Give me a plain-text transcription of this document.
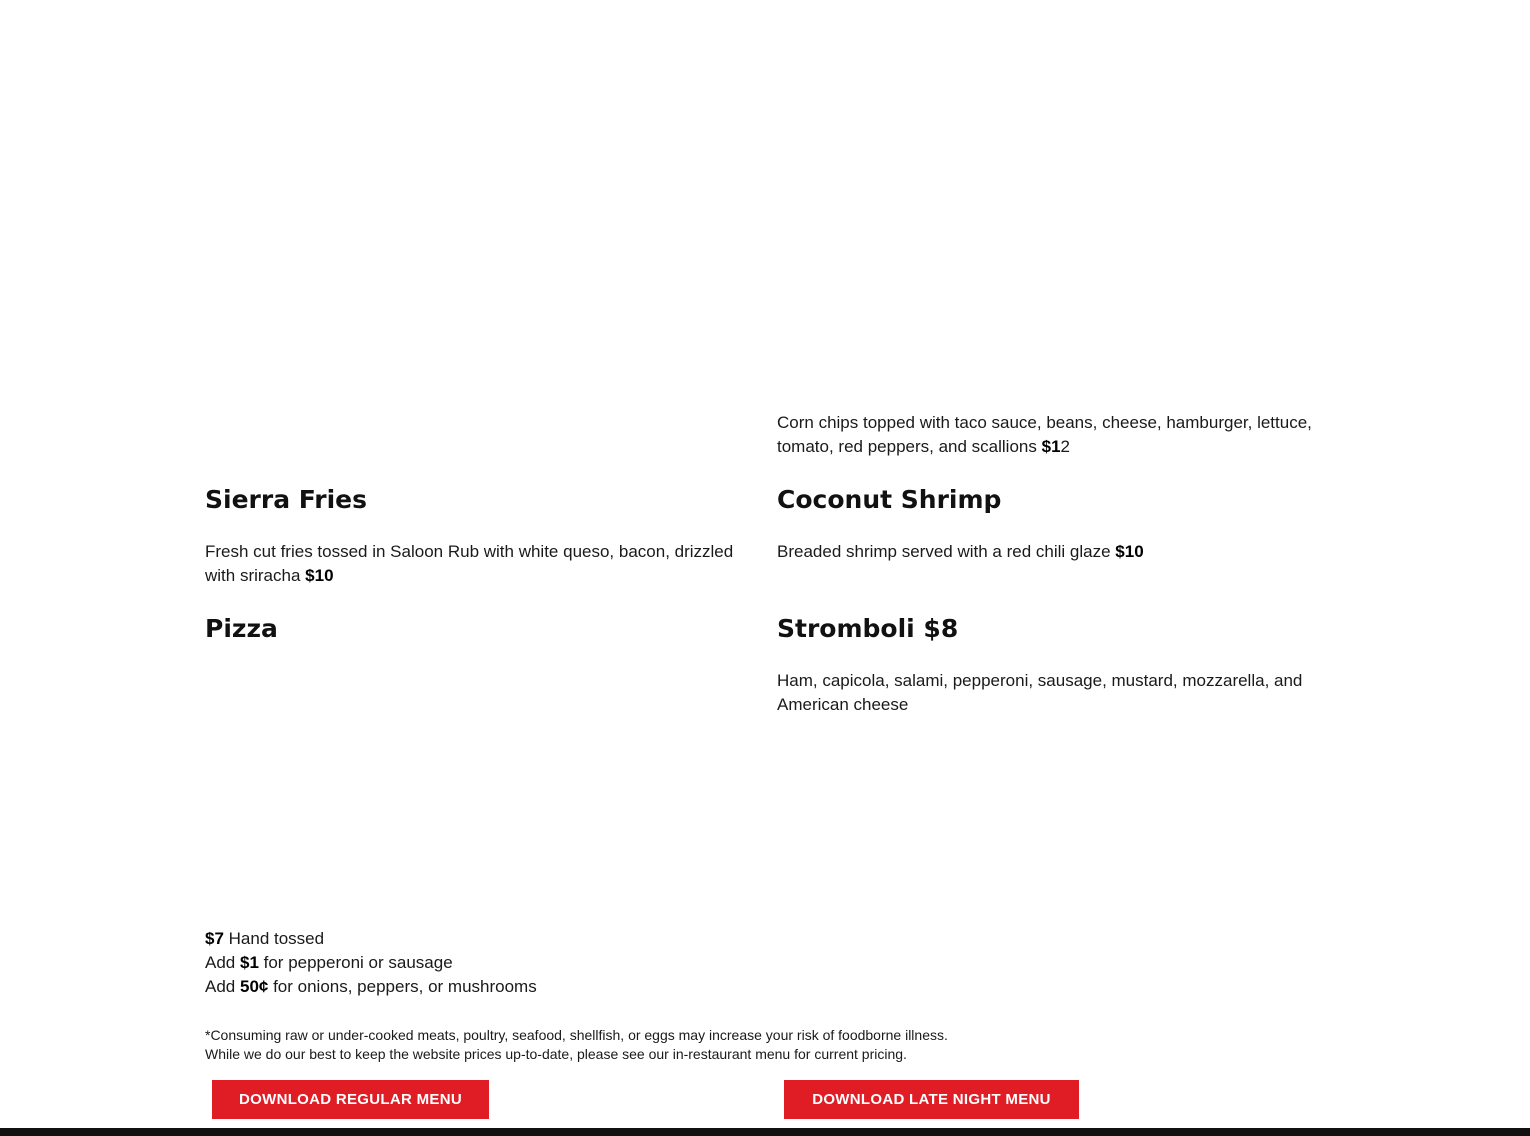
Corn chips topped with taco sauce, beans, cheese, hamburger, lettuce, tomato, red peppers, and scallions $12

Sierra Fries

Fresh cut fries tossed in Saloon Rub with white queso, bacon, drizzled with sriracha $10

Coconut Shrimp

Breaded shrimp served with a red chili glaze $10

Pizza
$7 Hand tossed
Add $1 for pepperoni or sausage
Add 50¢ for onions, peppers, or mushrooms
Stromboli $8

Ham, capicola, salami, pepperoni, sausage, mustard, mozzarella, and American cheese

*Consuming raw or under-cooked meats, poultry, seafood, shellfish, or eggs may increase your risk of foodborne illness.
While we do our best to keep the website prices up-to-date, please see our in-restaurant menu for current pricing.
DOWNLOAD REGULAR MENU	DOWNLOAD LATE NIGHT MENU
